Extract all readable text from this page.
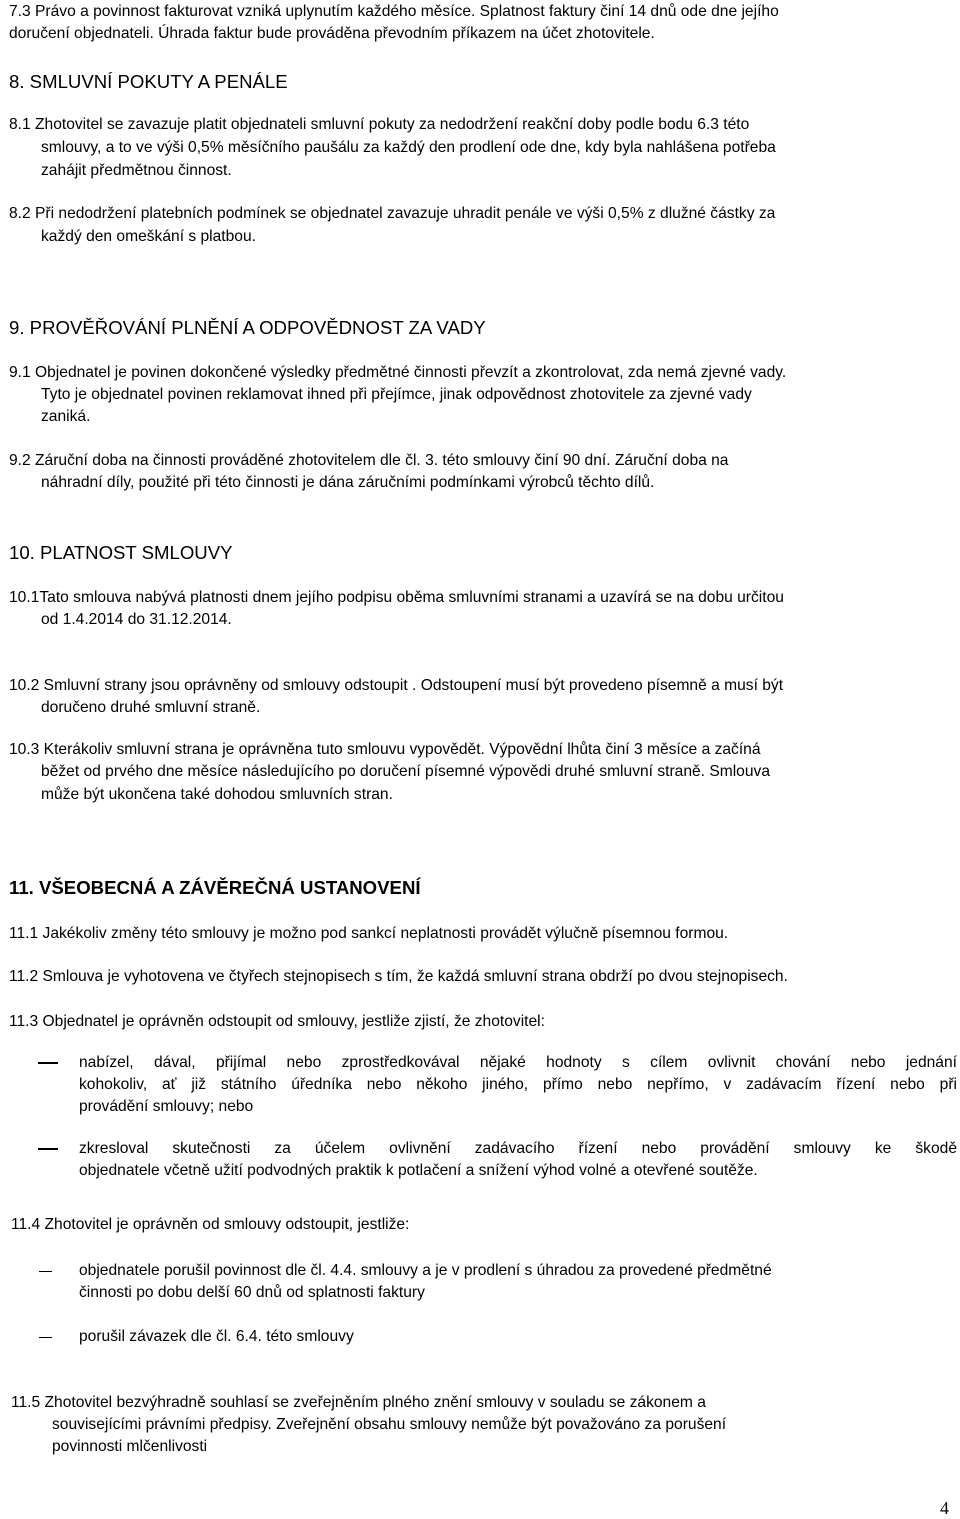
7.3 Právo a povinnost fakturovat vzniká uplynutím každého měsíce. Splatnost faktury činí 14 dnů ode dne jejího
doručení objednateli. Úhrada faktur bude prováděna převodním příkazem na účet zhotovitele.
8. SMLUVNÍ POKUTY A PENÁLE
8.1 Zhotovitel se zavazuje platit objednateli smluvní pokuty za nedodržení reakční doby podle bodu 6.3 této
smlouvy, a to ve výši 0,5% měsíčního paušálu za každý den prodlení ode dne, kdy byla nahlášena potřeba
zahájit předmětnou činnost.
8.2 Při nedodržení platebních podmínek se objednatel zavazuje uhradit penále ve výši 0,5% z dlužné částky za
každý den omeškání s platbou.
9. PROVĚŘOVÁNÍ PLNĚNÍ A ODPOVĚDNOST ZA VADY
9.1 Objednatel je povinen dokončené výsledky předmětné činnosti převzít a zkontrolovat, zda nemá zjevné vady.
Tyto je objednatel povinen reklamovat ihned při přejímce, jinak odpovědnost zhotovitele za zjevné vady
zaniká.
9.2 Záruční doba na činnosti prováděné zhotovitelem dle čl. 3. této smlouvy činí 90 dní. Záruční doba na
náhradní díly, použité při této činnosti je dána záručními podmínkami výrobců těchto dílů.
10. PLATNOST SMLOUVY
10.1Tato smlouva nabývá platnosti dnem jejího podpisu oběma smluvními stranami a uzavírá se na dobu určitou
od 1.4.2014 do 31.12.2014.
10.2 Smluvní strany jsou oprávněny od smlouvy odstoupit . Odstoupení musí být provedeno písemně a musí být
doručeno druhé smluvní straně.
10.3 Kterákoliv smluvní strana je oprávněna tuto smlouvu vypovědět. Výpovědní lhůta činí 3 měsíce a začíná
běžet od prvého dne měsíce následujícího po doručení písemné výpovědi druhé smluvní straně. Smlouva
může být ukončena také dohodou smluvních stran.
11. VŠEOBECNÁ A ZÁVĚREČNÁ USTANOVENÍ
11.1 Jakékoliv změny této smlouvy je možno pod sankcí neplatnosti provádět výlučně písemnou formou.
11.2 Smlouva je vyhotovena ve čtyřech stejnopisech s tím, že každá smluvní strana obdrží po dvou stejnopisech.
11.3 Objednatel je oprávněn odstoupit od smlouvy, jestliže zjistí, že zhotovitel:
nabízel, dával, přijímal nebo zprostředkovával nějaké hodnoty s cílem ovlivnit chování nebo jednání
kohokoliv, ať již státního úředníka nebo někoho jiného, přímo nebo nepřímo, v zadávacím řízení nebo při
provádění smlouvy; nebo
zkresloval skutečnosti za účelem ovlivnění zadávacího řízení nebo provádění smlouvy ke škodě
objednatele včetně užití podvodných praktik k potlačení a snížení výhod volné a otevřené soutěže.
11.4 Zhotovitel je oprávněn od smlouvy odstoupit, jestliže:
objednatele porušil povinnost dle čl. 4.4. smlouvy a je v prodlení s úhradou za provedené předmětné
činnosti po dobu delší 60 dnů od splatnosti faktury
porušil závazek dle čl. 6.4. této smlouvy
11.5 Zhotovitel bezvýhradně souhlasí se zveřejněním plného znění smlouvy v souladu se zákonem a
souvisejícími právními předpisy. Zveřejnění obsahu smlouvy nemůže být považováno za porušení
povinnosti mlčenlivosti
4
